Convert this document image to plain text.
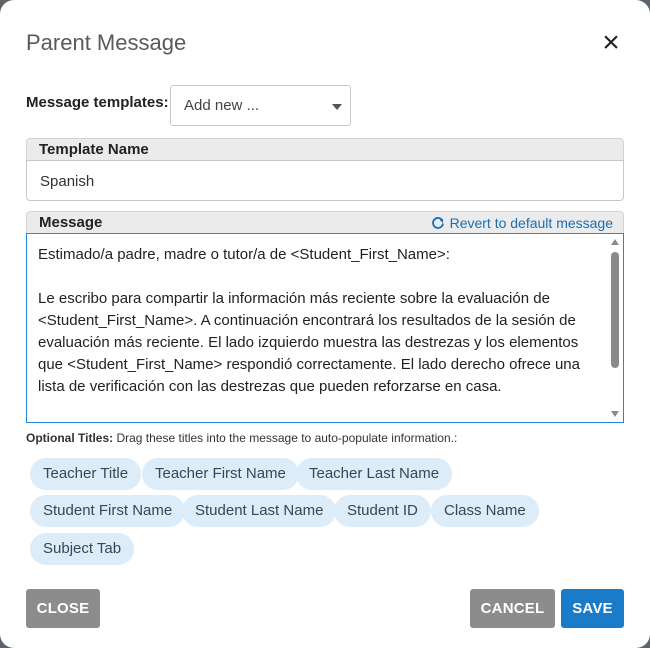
Parent Message	×
Message templates:	Add new ...
Template Name
Spanish
Message	Revert to default message

Estimado/a padre, madre o tutor/a de <Student_First_Name>:

Le escribo para compartir la información más reciente sobre la evaluación de <Student_First_Name>. A continuación encontrará los resultados de la sesión de evaluación más reciente. El lado izquierdo muestra las destrezas y los elementos que <Student_First_Name> respondió correctamente. El lado derecho ofrece una lista de verificación con las destrezas que pueden reforzarse en casa.

Optional Titles: Drag these titles into the message to auto-populate information.:
Teacher Title	Teacher First Name	Teacher Last Name
Student First Name	Student Last Name	Student ID	Class Name
Subject Tab
CLOSE	CANCEL	SAVE
